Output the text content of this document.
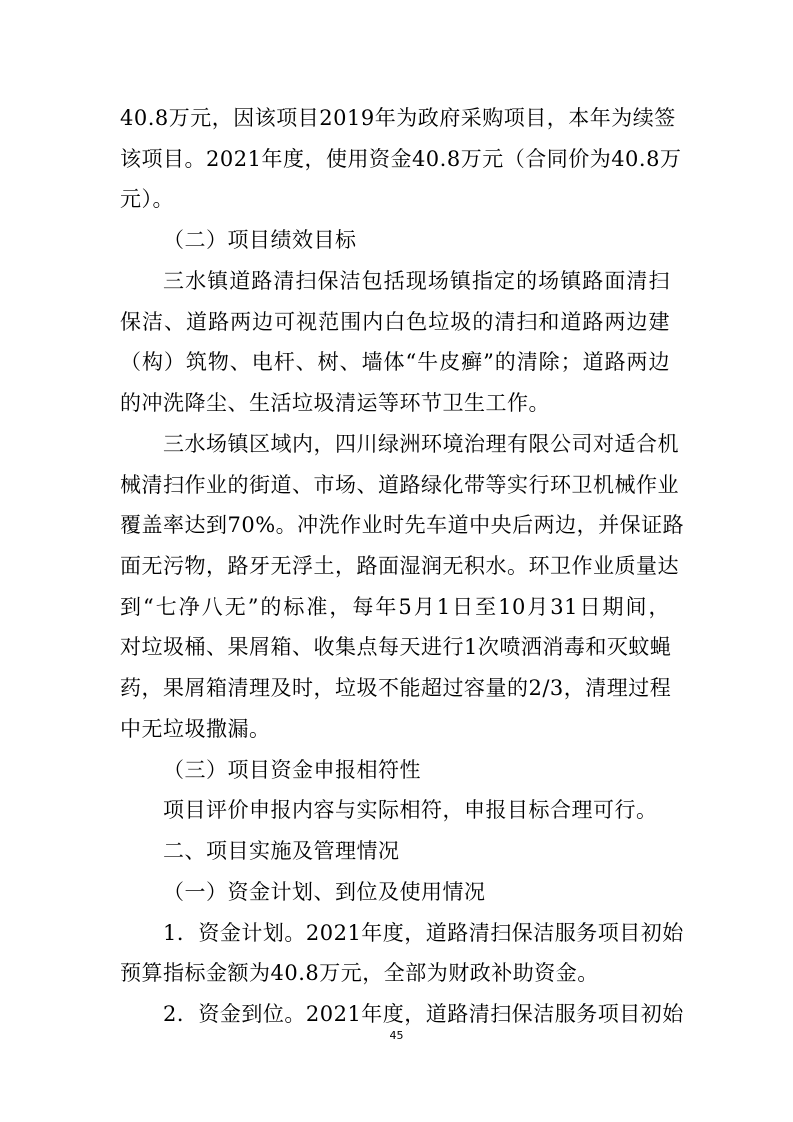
40.8万元，因该项目2019年为政府采购项目，本年为续签
该项目。2021年度，使用资金40.8万元（合同价为40.8万
元）。
（二）项目绩效目标
三水镇道路清扫保洁包括现场镇指定的场镇路面清扫
保洁、道路两边可视范围内白色垃圾的清扫和道路两边建
（构）筑物、电杆、树、墙体“牛皮癣”的清除；道路两边
的冲洗降尘、生活垃圾清运等环节卫生工作。
三水场镇区域内，四川绿洲环境治理有限公司对适合机
械清扫作业的街道、市场、道路绿化带等实行环卫机械作业
覆盖率达到70%。冲洗作业时先车道中央后两边，并保证路
面无污物，路牙无浮土，路面湿润无积水。环卫作业质量达
到“七净八无”的标准，每年5月1日至10月31日期间，
对垃圾桶、果屑箱、收集点每天进行1次喷洒消毒和灭蚊蝇
药，果屑箱清理及时，垃圾不能超过容量的2/3，清理过程
中无垃圾撒漏。
（三）项目资金申报相符性
项目评价申报内容与实际相符，申报目标合理可行。
二、项目实施及管理情况
（一）资金计划、到位及使用情况
1．资金计划。2021年度，道路清扫保洁服务项目初始
预算指标金额为40.8万元，全部为财政补助资金。
2．资金到位。2021年度，道路清扫保洁服务项目初始
45
